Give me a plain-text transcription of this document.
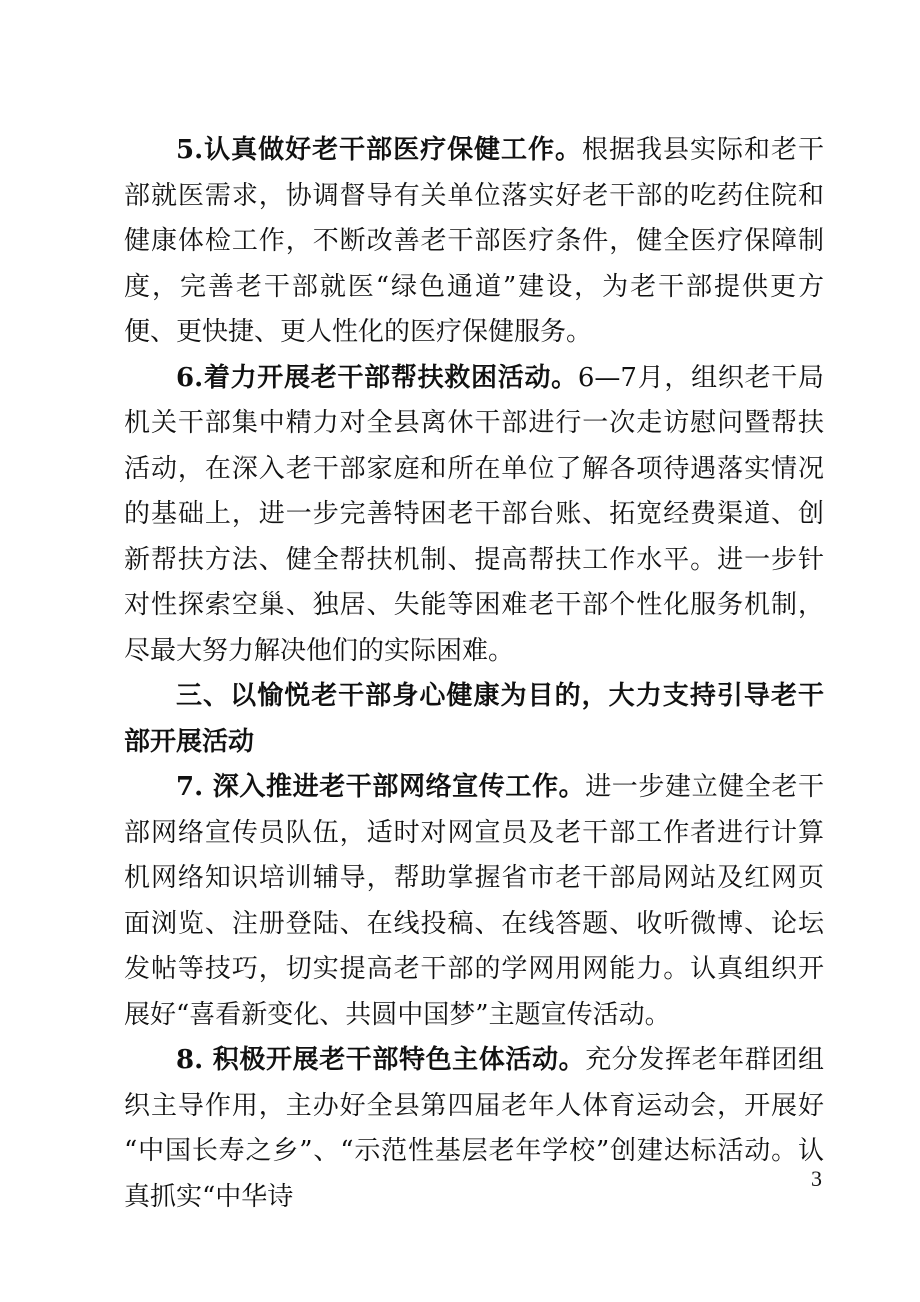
5.认真做好老干部医疗保健工作。根据我县实际和老干部就医需求，协调督导有关单位落实好老干部的吃药住院和健康体检工作，不断改善老干部医疗条件，健全医疗保障制度，完善老干部就医“绿色通道”建设，为老干部提供更方便、更快捷、更人性化的医疗保健服务。

6.着力开展老干部帮扶救困活动。6—7月，组织老干局机关干部集中精力对全县离休干部进行一次走访慰问暨帮扶活动，在深入老干部家庭和所在单位了解各项待遇落实情况的基础上，进一步完善特困老干部台账、拓宽经费渠道、创新帮扶方法、健全帮扶机制、提高帮扶工作水平。进一步针对性探索空巢、独居、失能等困难老干部个性化服务机制，尽最大努力解决他们的实际困难。

三、以愉悦老干部身心健康为目的，大力支持引导老干部开展活动

7. 深入推进老干部网络宣传工作。进一步建立健全老干部网络宣传员队伍，适时对网宣员及老干部工作者进行计算机网络知识培训辅导，帮助掌握省市老干部局网站及红网页面浏览、注册登陆、在线投稿、在线答题、收听微博、论坛发帖等技巧，切实提高老干部的学网用网能力。认真组织开展好“喜看新变化、共圆中国梦”主题宣传活动。

8. 积极开展老干部特色主体活动。充分发挥老年群团组织主导作用，主办好全县第四届老年人体育运动会，开展好 “中国长寿之乡”、“示范性基层老年学校”创建达标活动。认真抓实“中华诗

3
